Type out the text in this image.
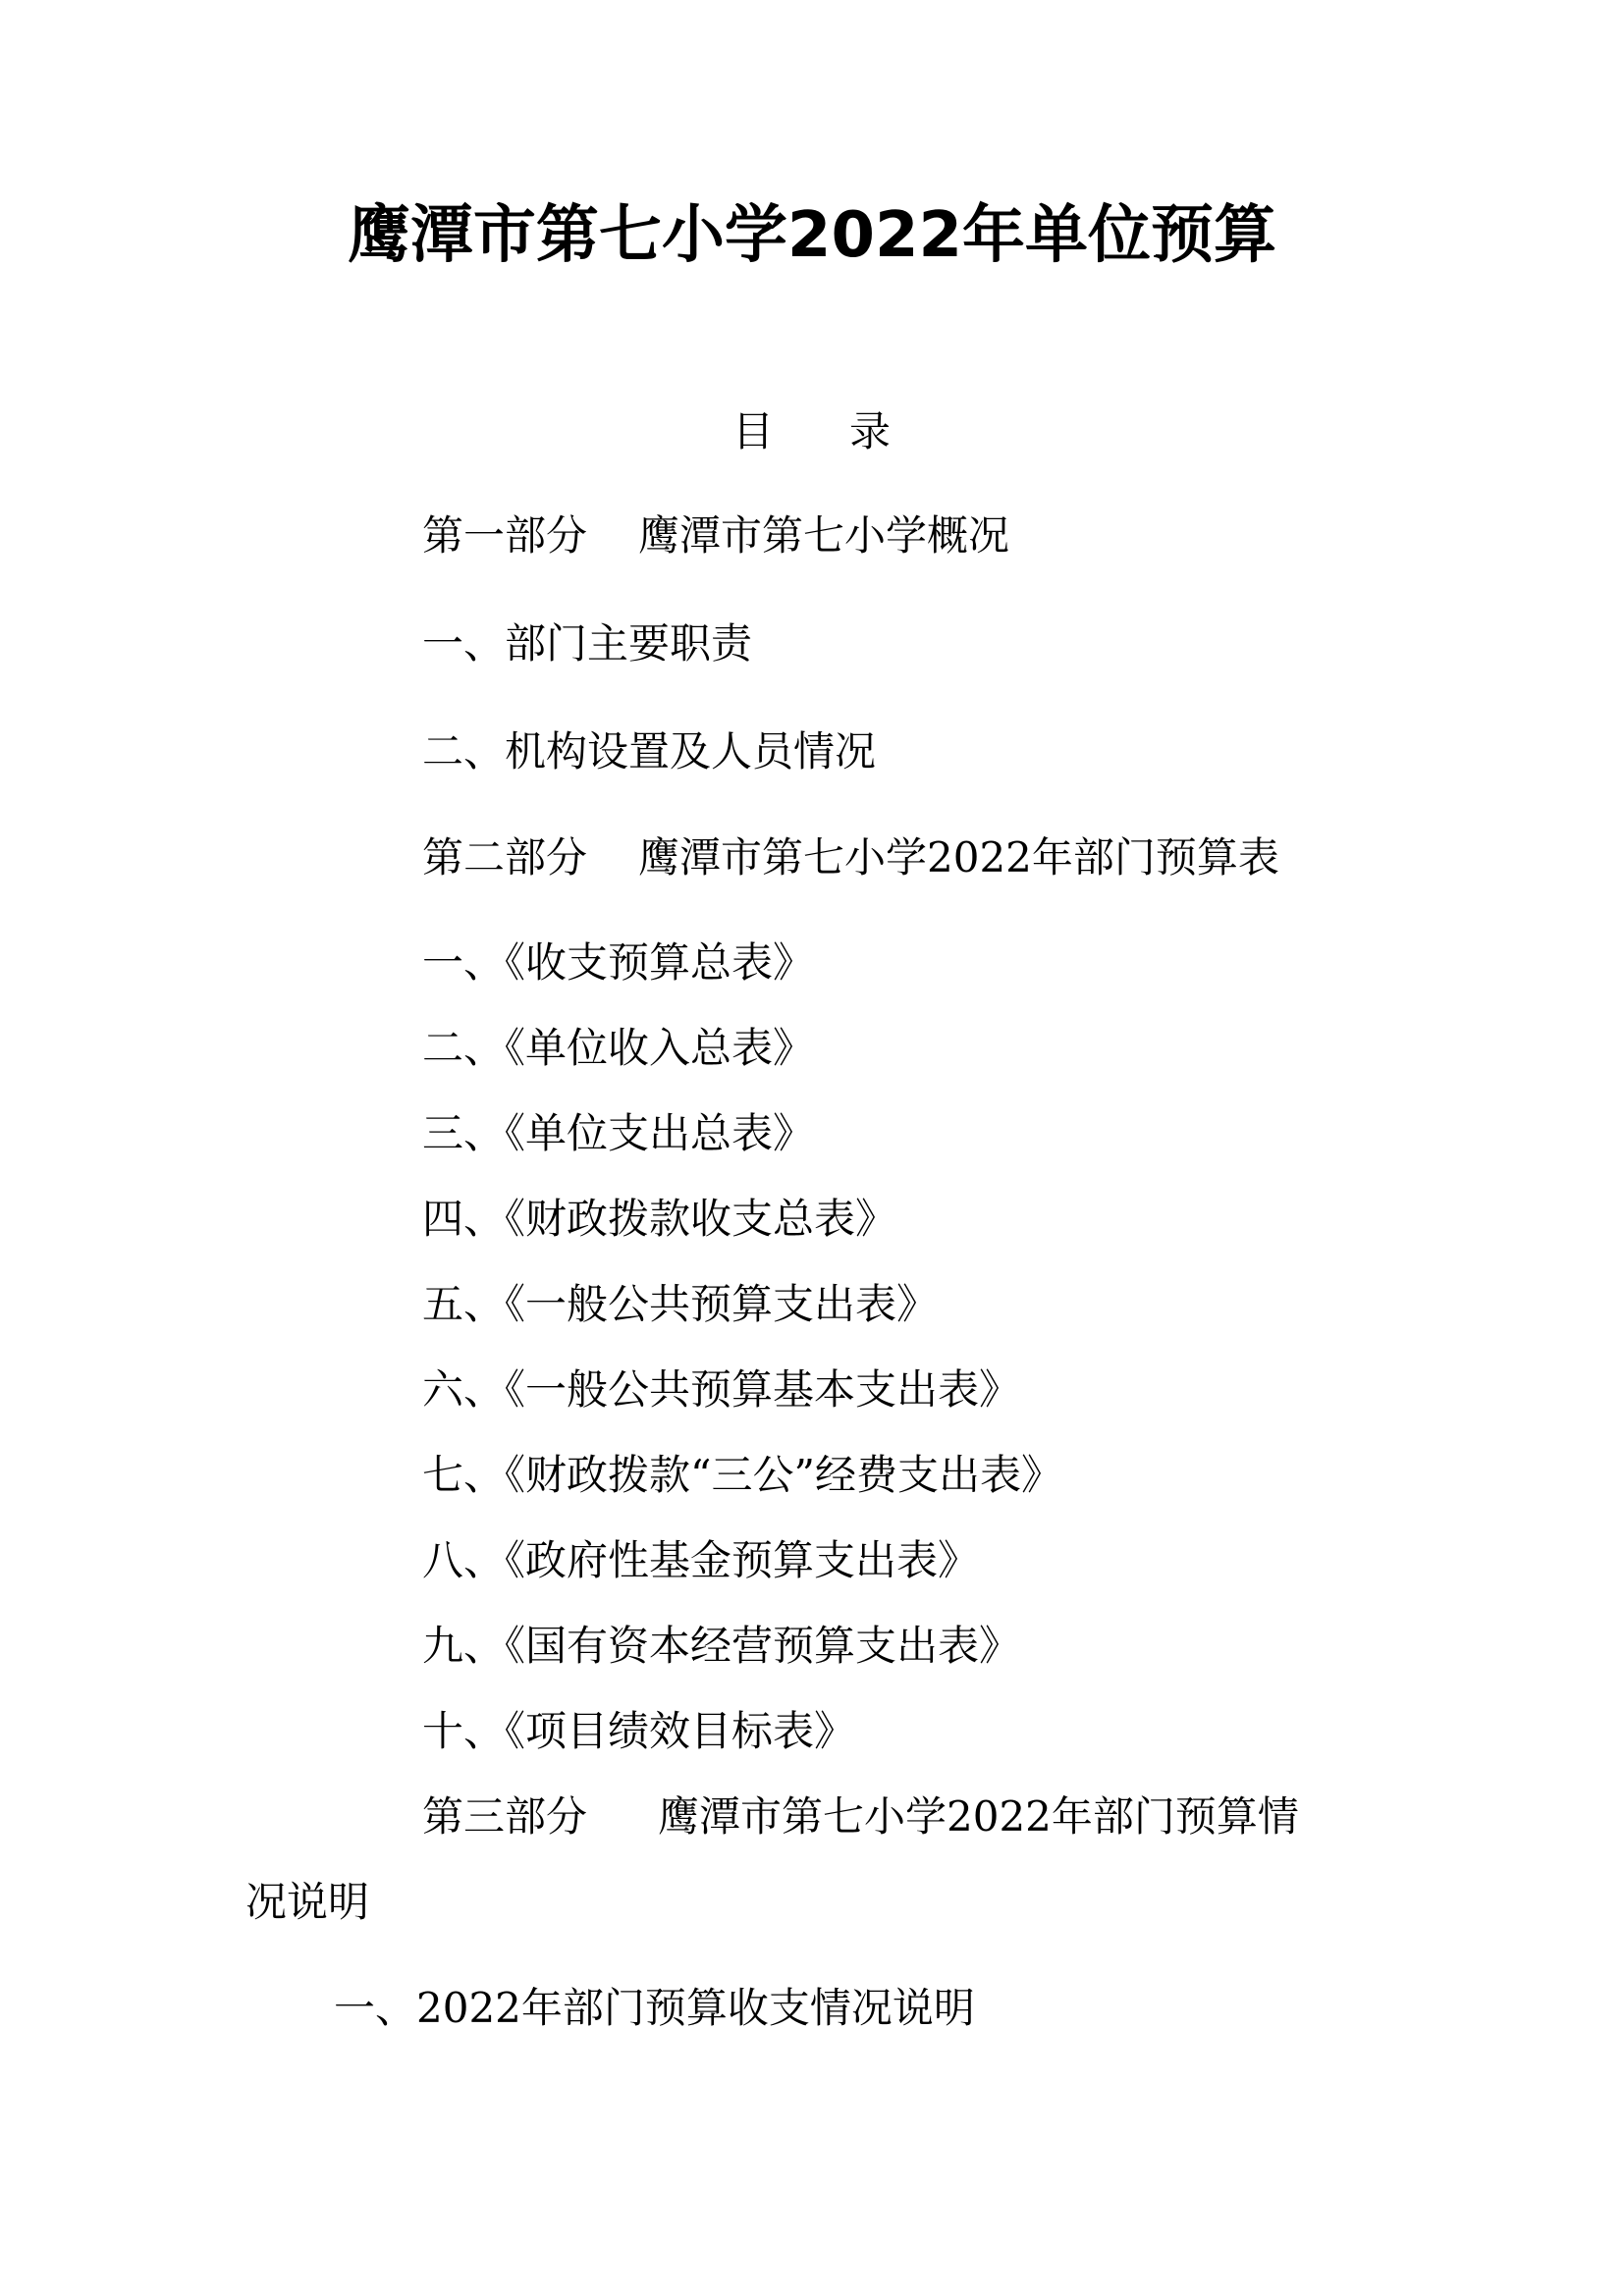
鹰潭市第七小学2022年单位预算
目 录
第一部分 鹰潭市第七小学概况
一、部门主要职责
二、机构设置及人员情况
第二部分 鹰潭市第七小学2022年部门预算表
一、《收支预算总表》
二、《单位收入总表》
三、《单位支出总表》
四、《财政拨款收支总表》
五、《一般公共预算支出表》
六、《一般公共预算基本支出表》
七、《财政拨款“三公”经费支出表》
八、《政府性基金预算支出表》
九、《国有资本经营预算支出表》
十、《项目绩效目标表》
第三部分 鹰潭市第七小学2022年部门预算情
况说明
一、2022年部门预算收支情况说明
